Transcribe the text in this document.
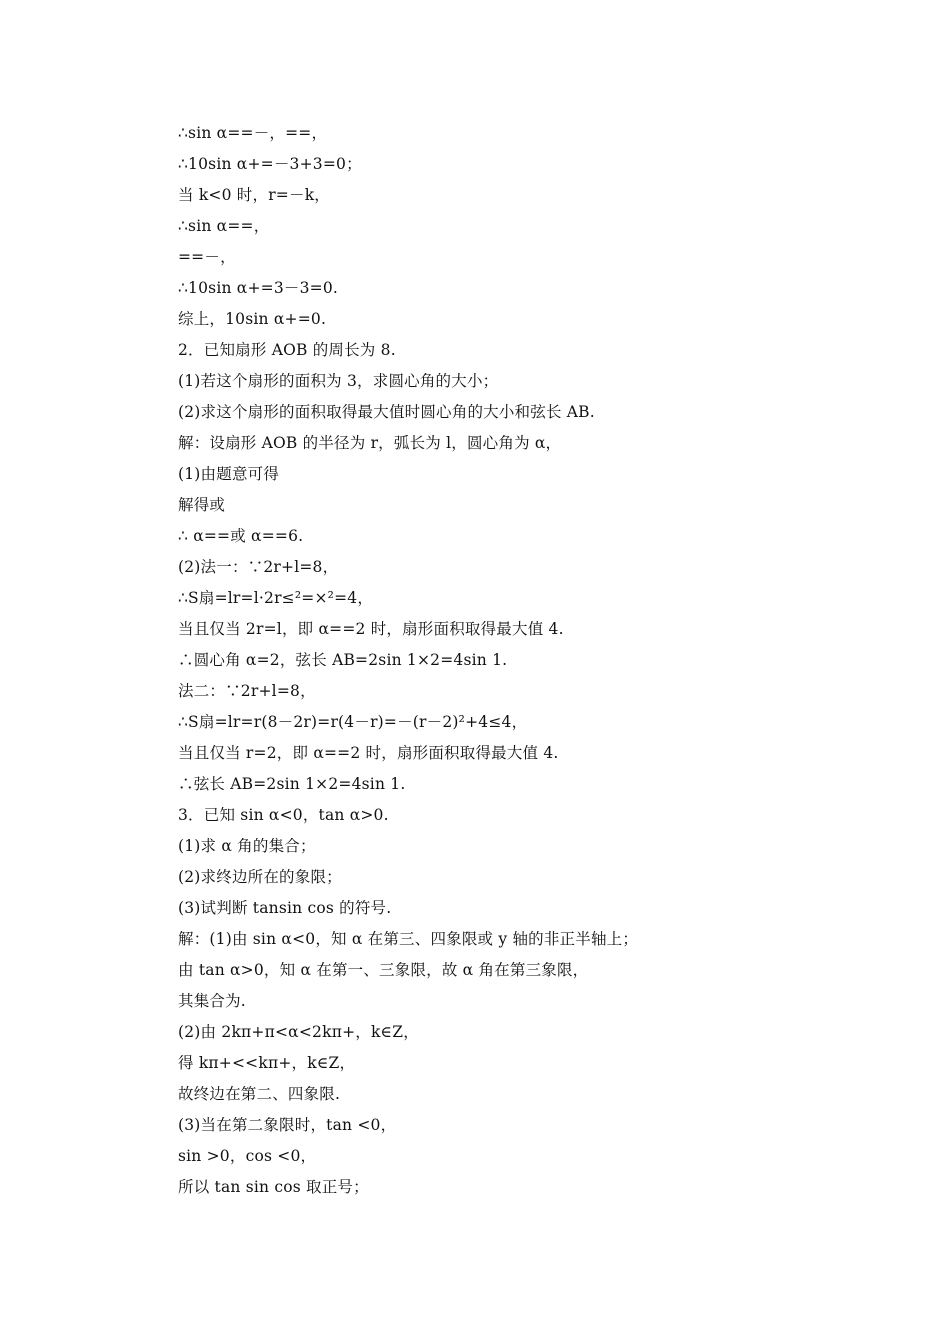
∴sin α==－，==，
∴10sin α+=－3+3=0；
当 k<0 时，r=－k，
∴sin α==，
==－，
∴10sin α+=3－3=0.
综上，10sin α+=0.
2．已知扇形 AOB 的周长为 8.
(1)若这个扇形的面积为 3，求圆心角的大小；
(2)求这个扇形的面积取得最大值时圆心角的大小和弦长 AB.
解：设扇形 AOB 的半径为 r，弧长为 l，圆心角为 α，
(1)由题意可得
解得或
∴ α==或 α==6.
(2)法一：∵2r+l=8，
∴S扇=lr=l·2r≤²=×²=4，
当且仅当 2r=l，即 α==2 时，扇形面积取得最大值 4.
∴圆心角 α=2，弦长 AB=2sin 1×2=4sin 1.
法二：∵2r+l=8，
∴S扇=lr=r(8－2r)=r(4－r)=－(r－2)²+4≤4，
当且仅当 r=2，即 α==2 时，扇形面积取得最大值 4.
∴弦长 AB=2sin 1×2=4sin 1.
3．已知 sin α<0，tan α>0.
(1)求 α 角的集合；
(2)求终边所在的象限；
(3)试判断 tansin cos 的符号.
解：(1)由 sin α<0，知 α 在第三、四象限或 y 轴的非正半轴上；
由 tan α>0，知 α 在第一、三象限，故 α 角在第三象限，
其集合为.
(2)由 2kπ+π<α<2kπ+，k∈Z，
得 kπ+<<kπ+，k∈Z，
故终边在第二、四象限.
(3)当在第二象限时，tan <0，
sin >0，cos <0，
所以 tan sin cos 取正号；
